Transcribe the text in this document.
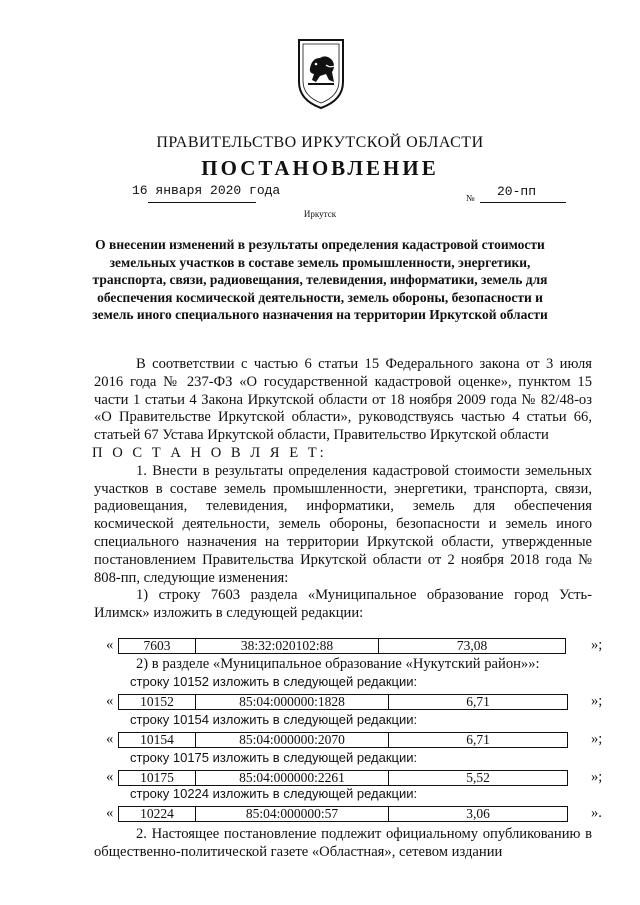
ПРАВИТЕЛЬСТВО ИРКУТСКОЙ ОБЛАСТИ
ПОСТАНОВЛЕНИЕ
16 января 2020 года	№ 20-пп
Иркутск
О внесении изменений в результаты определения кадастровой стоимости земельных участков в составе земель промышленности, энергетики, транспорта, связи, радиовещания, телевидения, информатики, земель для обеспечения космической деятельности, земель обороны, безопасности и земель иного специального назначения на территории Иркутской области

В соответствии с частью 6 статьи 15 Федерального закона от 3 июля 2016 года № 237-ФЗ «О государственной кадастровой оценке», пунктом 15 части 1 статьи 4 Закона Иркутской области от 18 ноября 2009 года № 82/48-оз «О Правительстве Иркутской области», руководствуясь частью 4 статьи 66, статьей 67 Устава Иркутской области, Правительство Иркутской области

П О С Т А Н О В Л Я Е Т:

1. Внести в результаты определения кадастровой стоимости земельных участков в составе земель промышленности, энергетики, транспорта, связи, радиовещания, телевидения, информатики, земель для обеспечения космической деятельности, земель обороны, безопасности и земель иного специального назначения на территории Иркутской области, утвержденные постановлением Правительства Иркутской области от 2 ноября 2018 года № 808-пп, следующие изменения:

1) строку 7603 раздела «Муниципальное образование город Усть-Илимск» изложить в следующей редакции:

« 7603	38:32:020102:88	73,08	»;

2) в разделе «Муниципальное образование «Нукутский район»»:

строку 10152 изложить в следующей редакции:
« 10152	85:04:000000:1828	6,71	»;
строку 10154 изложить в следующей редакции:
« 10154	85:04:000000:2070	6,71	»;
строку 10175 изложить в следующей редакции:
« 10175	85:04:000000:2261	5,52	»;
строку 10224 изложить в следующей редакции:
« 10224	85:04:000000:57	3,06	».

2. Настоящее постановление подлежит официальному опубликованию в общественно-политической газете «Областная», сетевом издании
